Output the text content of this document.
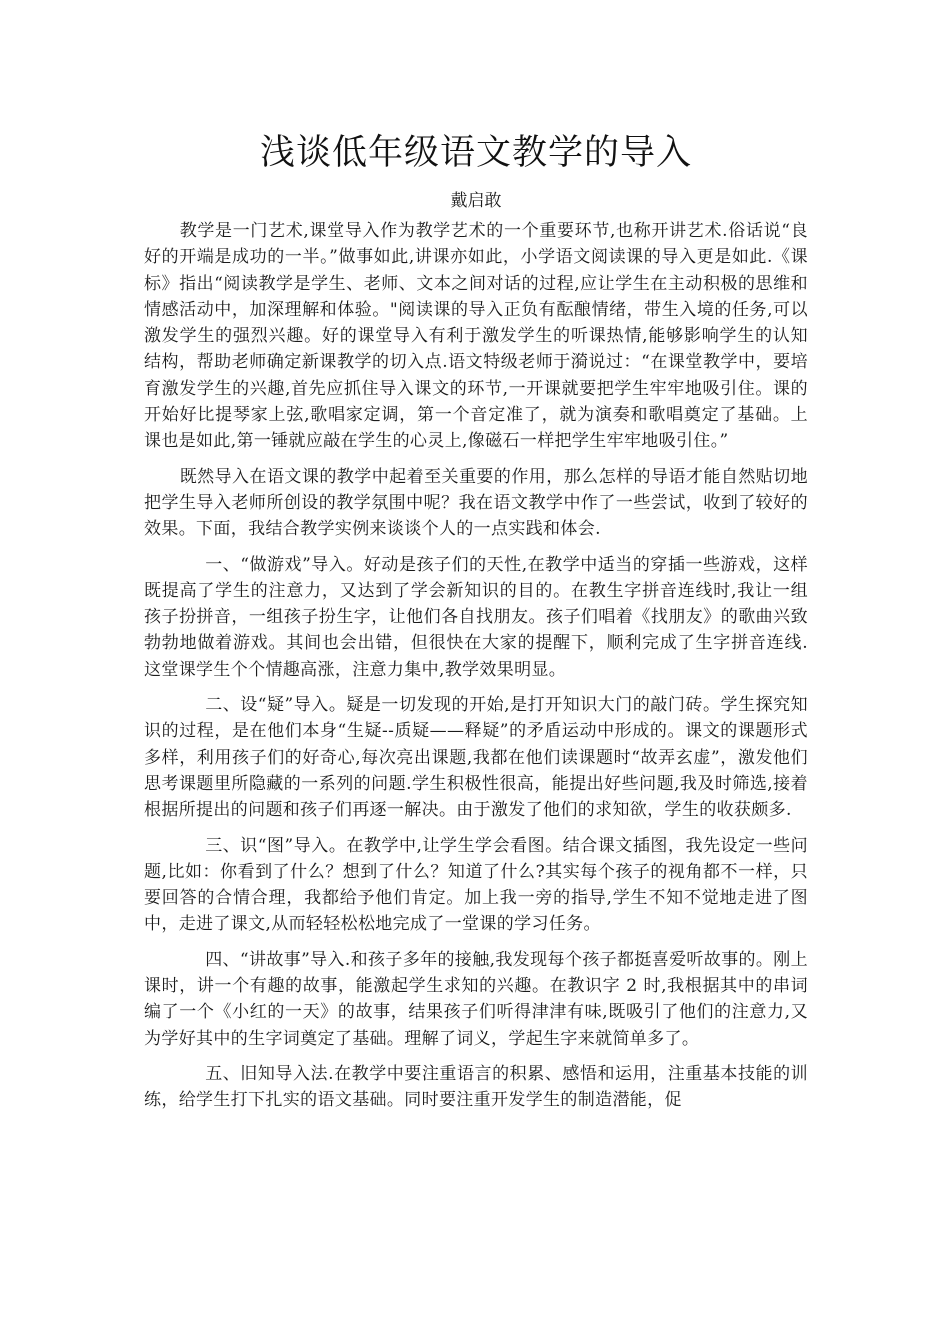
浅谈低年级语文教学的导入
戴启敢

教学是一门艺术,课堂导入作为教学艺术的一个重要环节,也称开讲艺术.俗话说“良好的开端是成功的一半。”做事如此,讲课亦如此，小学语文阅读课的导入更是如此.《课标》指出“阅读教学是学生、老师、文本之间对话的过程,应让学生在主动积极的思维和情感活动中，加深理解和体验。"阅读课的导入正负有酝酿情绪，带生入境的任务,可以激发学生的强烈兴趣。好的课堂导入有利于激发学生的听课热情,能够影响学生的认知结构，帮助老师确定新课教学的切入点.语文特级老师于漪说过：“在课堂教学中，要培育激发学生的兴趣,首先应抓住导入课文的环节,一开课就要把学生牢牢地吸引住。课的开始好比提琴家上弦,歌唱家定调，第一个音定准了，就为演奏和歌唱奠定了基础。上课也是如此,第一锤就应敲在学生的心灵上,像磁石一样把学生牢牢地吸引住。”

既然导入在语文课的教学中起着至关重要的作用，那么怎样的导语才能自然贴切地把学生导入老师所创设的教学氛围中呢？我在语文教学中作了一些尝试，收到了较好的效果。下面，我结合教学实例来谈谈个人的一点实践和体会.

一、“做游戏”导入。好动是孩子们的天性,在教学中适当的穿插一些游戏，这样既提高了学生的注意力，又达到了学会新知识的目的。在教生字拼音连线时,我让一组孩子扮拼音，一组孩子扮生字，让他们各自找朋友。孩子们唱着《找朋友》的歌曲兴致勃勃地做着游戏。其间也会出错，但很快在大家的提醒下，顺利完成了生字拼音连线.这堂课学生个个情趣高涨，注意力集中,教学效果明显。

二、设“疑”导入。疑是一切发现的开始,是打开知识大门的敲门砖。学生探究知识的过程，是在他们本身“生疑--质疑——释疑”的矛盾运动中形成的。课文的课题形式多样，利用孩子们的好奇心,每次亮出课题,我都在他们读课题时“故弄玄虚”，激发他们思考课题里所隐藏的一系列的问题.学生积极性很高，能提出好些问题,我及时筛选,接着根据所提出的问题和孩子们再逐一解决。由于激发了他们的求知欲，学生的收获颇多.

三、识“图”导入。在教学中,让学生学会看图。结合课文插图，我先设定一些问题,比如：你看到了什么？想到了什么？知道了什么?其实每个孩子的视角都不一样，只要回答的合情合理，我都给予他们肯定。加上我一旁的指导,学生不知不觉地走进了图中，走进了课文,从而轻轻松松地完成了一堂课的学习任务。

四、“讲故事”导入.和孩子多年的接触,我发现每个孩子都挺喜爱听故事的。刚上课时，讲一个有趣的故事，能激起学生求知的兴趣。在教识字 2 时,我根据其中的串词编了一个《小红的一天》的故事，结果孩子们听得津津有味,既吸引了他们的注意力,又为学好其中的生字词奠定了基础。理解了词义，学起生字来就简单多了。

五、旧知导入法.在教学中要注重语言的积累、感悟和运用，注重基本技能的训练，给学生打下扎实的语文基础。同时要注重开发学生的制造潜能，促
